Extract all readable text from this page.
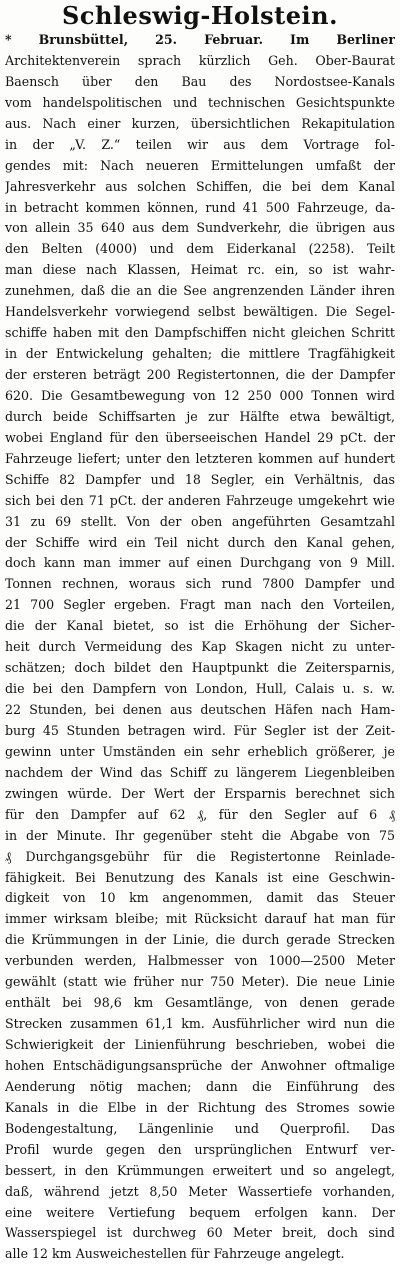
Schleswig-Holstein.
* Brunsbüttel, 25. Februar. Im Berliner
Architektenverein sprach kürzlich Geh. Ober-Baurat
Baensch über den Bau des Nordostsee-Kanals
vom handelspolitischen und technischen Gesichtspunkte
aus. Nach einer kurzen, übersichtlichen Rekapitulation
in der „V. Z.“ teilen wir aus dem Vortrage fol-
gendes mit: Nach neueren Ermittelungen umfaßt der
Jahresverkehr aus solchen Schiffen, die bei dem Kanal
in betracht kommen können, rund 41 500 Fahrzeuge, da-
von allein 35 640 aus dem Sundverkehr, die übrigen aus
den Belten (4000) und dem Eiderkanal (2258). Teilt
man diese nach Klassen, Heimat rc. ein, so ist wahr-
zunehmen, daß die an die See angrenzenden Länder ihren
Handelsverkehr vorwiegend selbst bewältigen. Die Segel-
schiffe haben mit den Dampfschiffen nicht gleichen Schritt
in der Entwickelung gehalten; die mittlere Tragfähigkeit
der ersteren beträgt 200 Registertonnen, die der Dampfer
620. Die Gesamtbewegung von 12 250 000 Tonnen wird
durch beide Schiffsarten je zur Hälfte etwa bewältigt,
wobei England für den überseeischen Handel 29 pCt. der
Fahrzeuge liefert; unter den letzteren kommen auf hundert
Schiffe 82 Dampfer und 18 Segler, ein Verhältnis, das
sich bei den 71 pCt. der anderen Fahrzeuge umgekehrt wie
31 zu 69 stellt. Von der oben angeführten Gesamtzahl
der Schiffe wird ein Teil nicht durch den Kanal gehen,
doch kann man immer auf einen Durchgang von 9 Mill.
Tonnen rechnen, woraus sich rund 7800 Dampfer und
21 700 Segler ergeben. Fragt man nach den Vorteilen,
die der Kanal bietet, so ist die Erhöhung der Sicher-
heit durch Vermeidung des Kap Skagen nicht zu unter-
schätzen; doch bildet den Hauptpunkt die Zeitersparnis,
die bei den Dampfern von London, Hull, Calais u. s. w.
22 Stunden, bei denen aus deutschen Häfen nach Ham-
burg 45 Stunden betragen wird. Für Segler ist der Zeit-
gewinn unter Umständen ein sehr erheblich größerer, je
nachdem der Wind das Schiff zu längerem Liegenbleiben
zwingen würde. Der Wert der Ersparnis berechnet sich
für den Dampfer auf 62 ₰, für den Segler auf 6 ₰
in der Minute. Ihr gegenüber steht die Abgabe von 75
₰ Durchgangsgebühr für die Registertonne Reinlade-
fähigkeit. Bei Benutzung des Kanals ist eine Geschwin-
digkeit von 10 km angenommen, damit das Steuer
immer wirksam bleibe; mit Rücksicht darauf hat man für
die Krümmungen in der Linie, die durch gerade Strecken
verbunden werden, Halbmesser von 1000—2500 Meter
gewählt (statt wie früher nur 750 Meter). Die neue Linie
enthält bei 98,6 km Gesamtlänge, von denen gerade
Strecken zusammen 61,1 km. Ausführlicher wird nun die
Schwierigkeit der Linienführung beschrieben, wobei die
hohen Entschädigungsansprüche der Anwohner oftmalige
Aenderung nötig machen; dann die Einführung des
Kanals in die Elbe in der Richtung des Stromes sowie
Bodengestaltung, Längenlinie und Querprofil. Das
Profil wurde gegen den ursprünglichen Entwurf ver-
bessert, in den Krümmungen erweitert und so angelegt,
daß, während jetzt 8,50 Meter Wassertiefe vorhanden,
eine weitere Vertiefung bequem erfolgen kann. Der
Wasserspiegel ist durchweg 60 Meter breit, doch sind
alle 12 km Ausweichestellen für Fahrzeuge angelegt.
